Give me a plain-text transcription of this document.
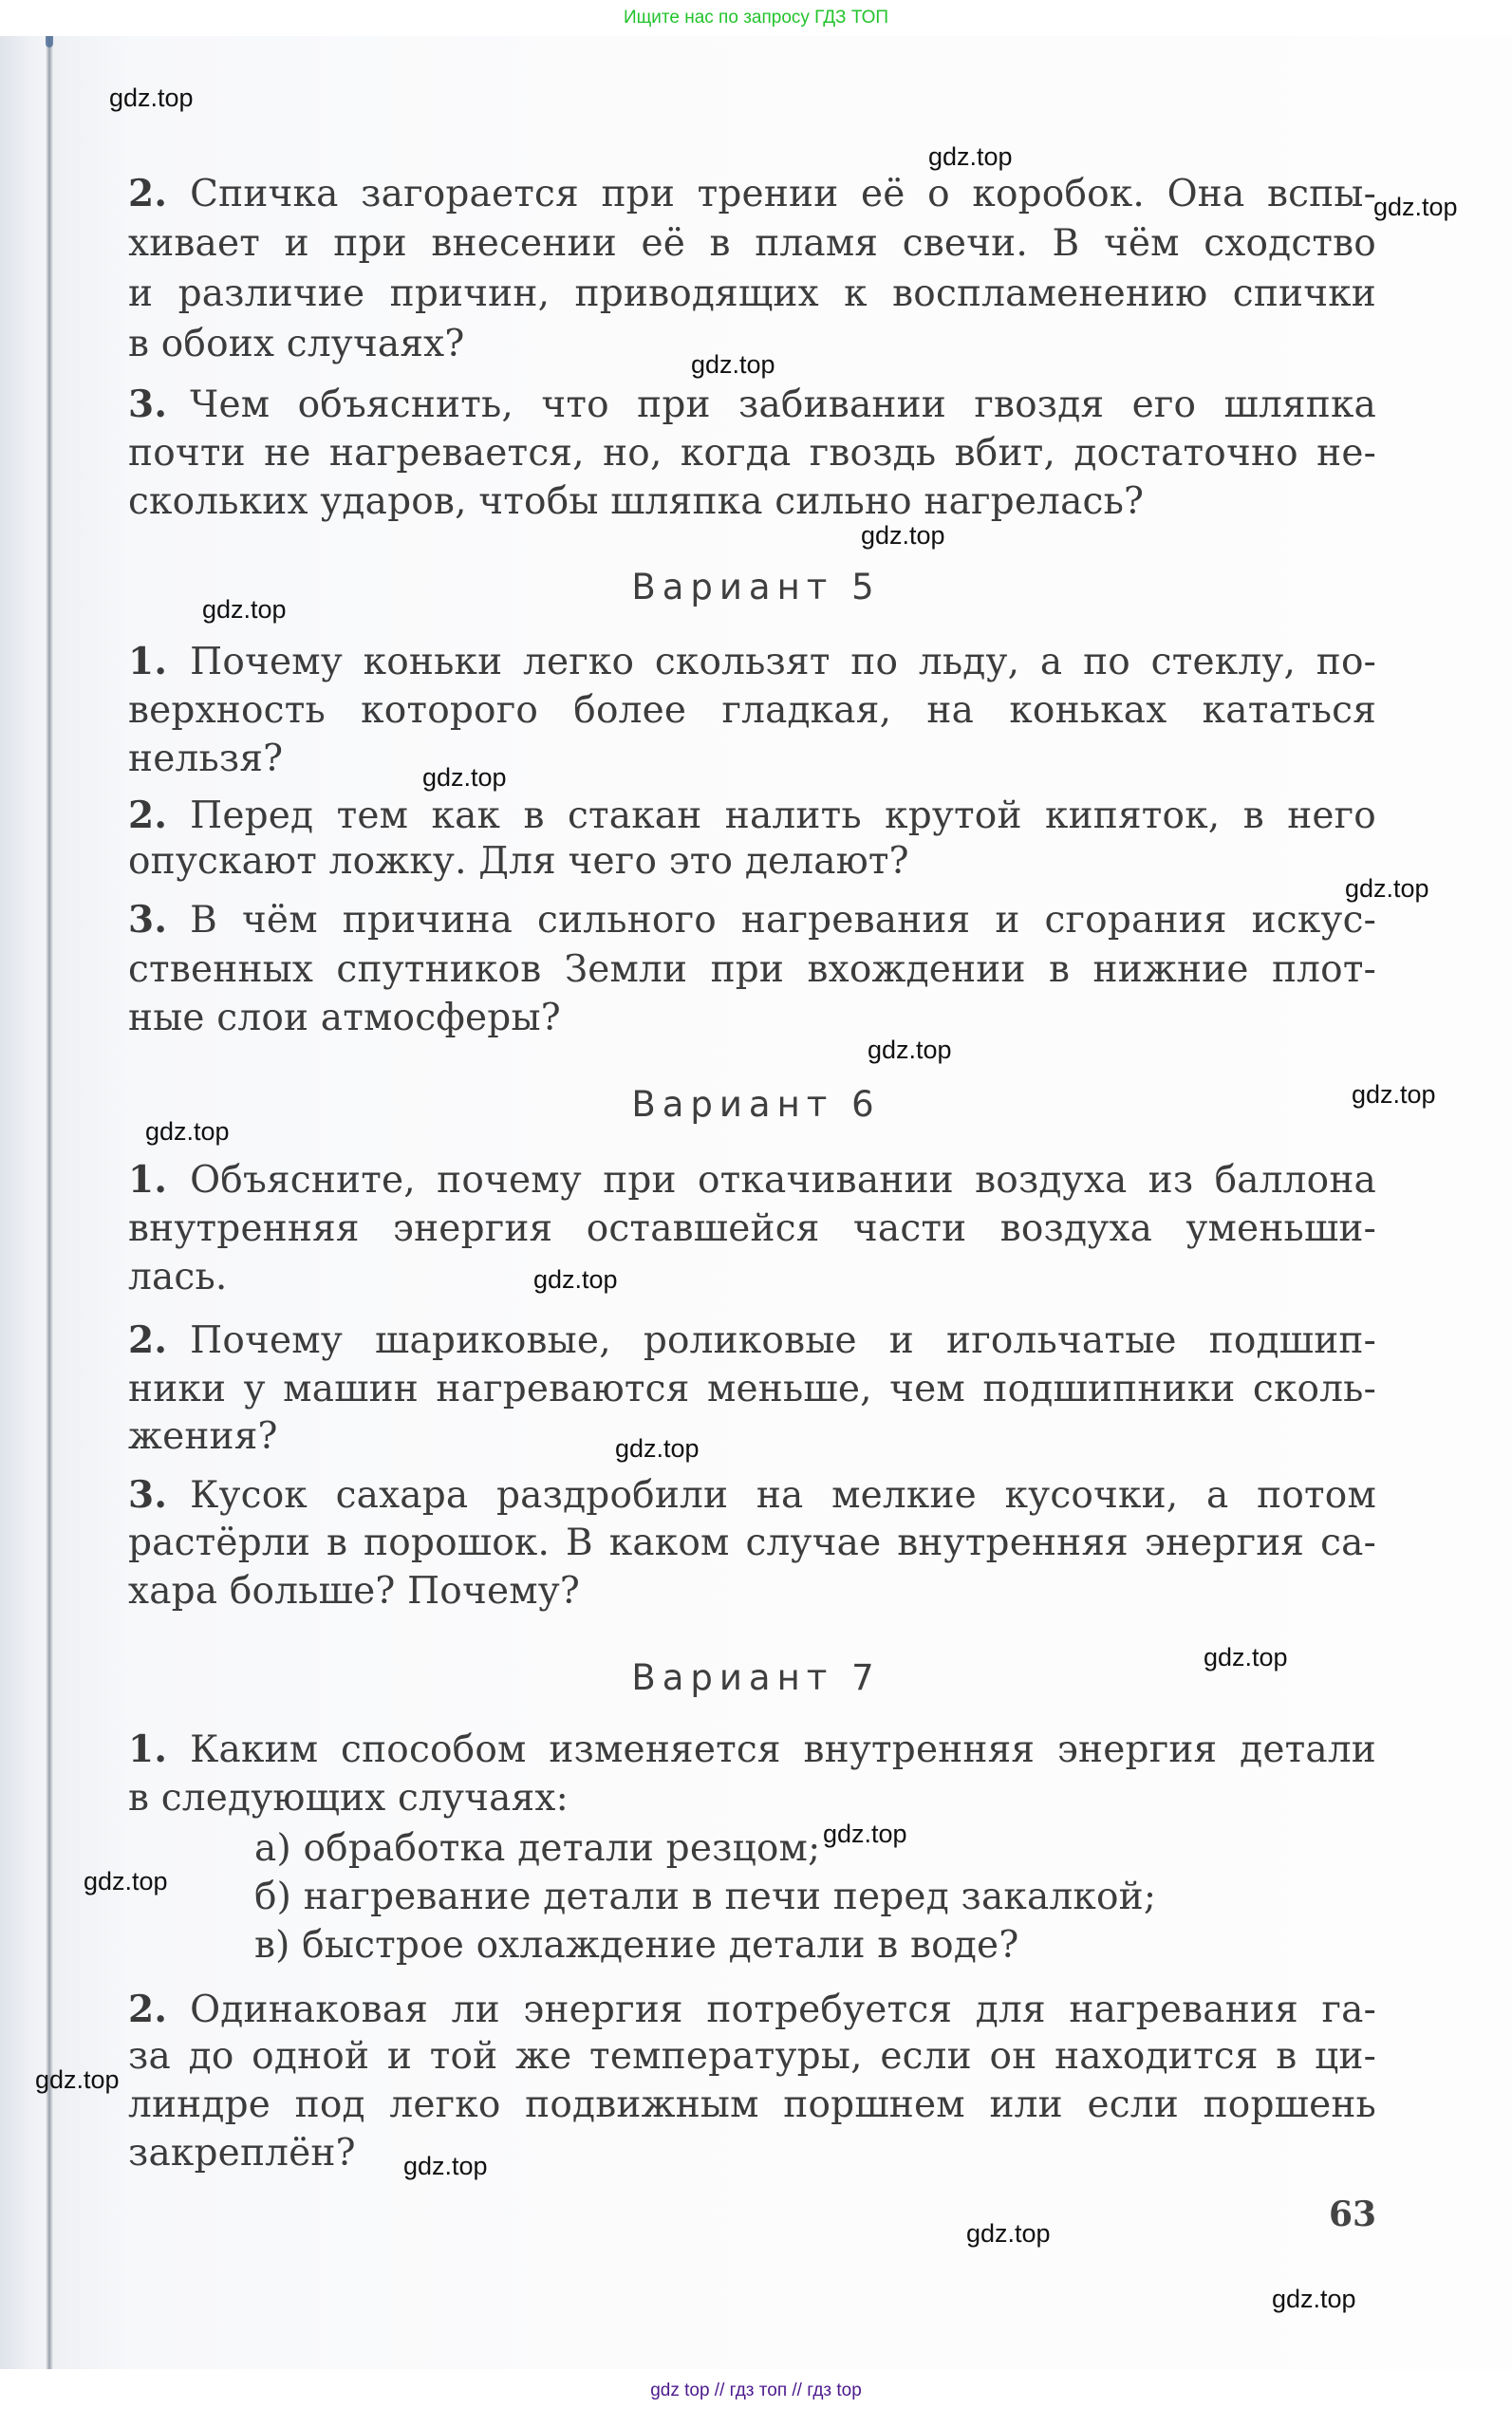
Ищите нас по запросу ГДЗ ТОП
2. Спичка загорается при трении её о коробок. Она вспы-
хивает и при внесении её в пламя свечи. В чём сходство
и различие причин, приводящих к воспламенению спички
в обоих случаях?
3. Чем объяснить, что при забивании гвоздя его шляпка
почти не нагревается, но, когда гвоздь вбит, достаточно не-
скольких ударов, чтобы шляпка сильно нагрелась?
Вариант 5
1. Почему коньки легко скользят по льду, а по стеклу, по-
верхность которого более гладкая, на коньках кататься
нельзя?
2. Перед тем как в стакан налить крутой кипяток, в него
опускают ложку. Для чего это делают?
3. В чём причина сильного нагревания и сгорания искус-
ственных спутников Земли при вхождении в нижние плот-
ные слои атмосферы?
Вариант 6
1. Объясните, почему при откачивании воздуха из баллона
внутренняя энергия оставшейся части воздуха уменьши-
лась.
2. Почему шариковые, роликовые и игольчатые подшип-
ники у машин нагреваются меньше, чем подшипники сколь-
жения?
3. Кусок сахара раздробили на мелкие кусочки, а потом
растёрли в порошок. В каком случае внутренняя энергия са-
хара больше? Почему?
Вариант 7
1. Каким способом изменяется внутренняя энергия детали
в следующих случаях:
а) обработка детали резцом;
б) нагревание детали в печи перед закалкой;
в) быстрое охлаждение детали в воде?
2. Одинаковая ли энергия потребуется для нагревания га-
за до одной и той же температуры, если он находится в ци-
линдре под легко подвижным поршнем или если поршень
закреплён?
63
gdz.top
gdz.top
gdz.top
gdz.top
gdz.top
gdz.top
gdz.top
gdz.top
gdz.top
gdz.top
gdz.top
gdz.top
gdz.top
gdz.top
gdz.top
gdz.top
gdz.top
gdz.top
gdz.top
gdz.top
gdz top // гдз топ // гдз top
